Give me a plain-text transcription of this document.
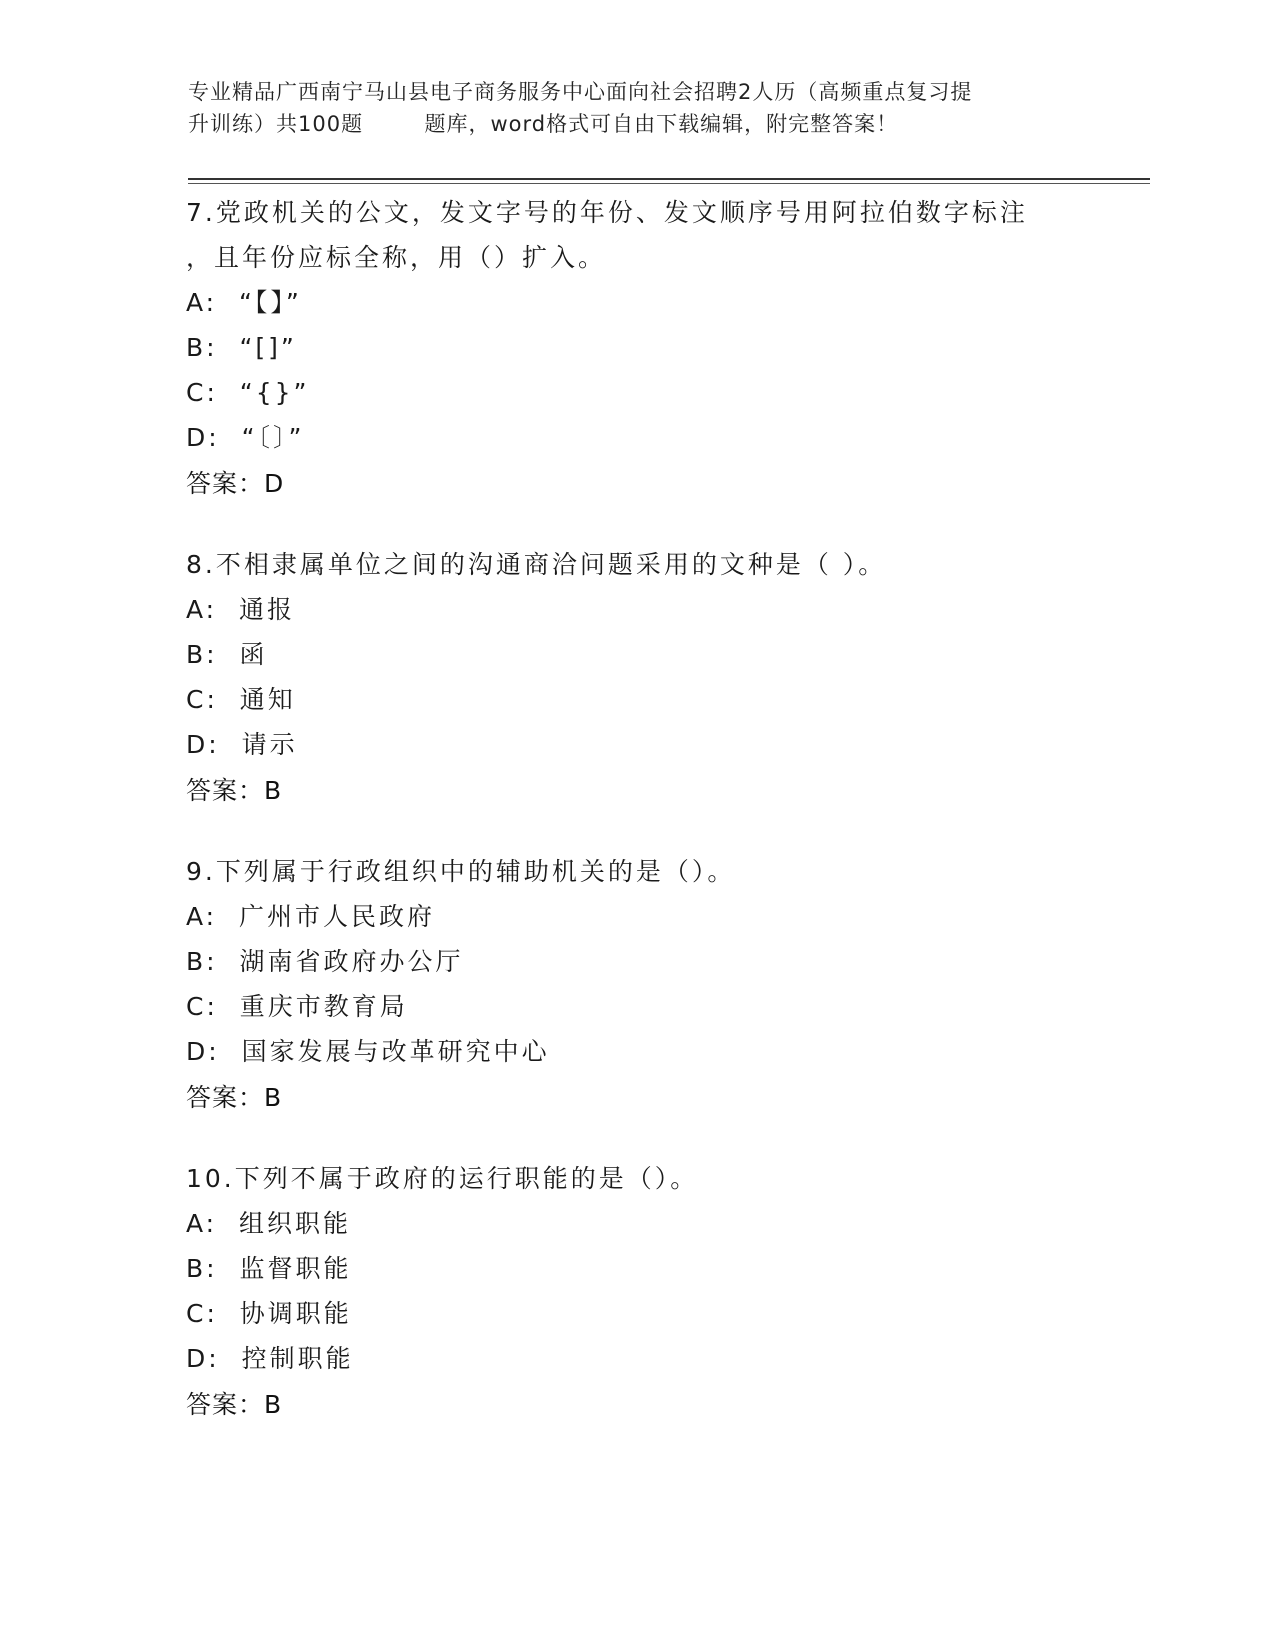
专业精品广西南宁马山县电子商务服务中心面向社会招聘2人历（高频重点复习提
升训练）共100题        题库，word格式可自由下载编辑，附完整答案！
7.党政机关的公文，发文字号的年份、发文顺序号用阿拉伯数字标注
，且年份应标全称，用（）扩入。
A:  “【】”
B:  “[]”
C:  “{}”
D:  “〔〕”
答案：D
8.不相隶属单位之间的沟通商洽问题采用的文种是（ ）。
A:  通报
B:  函
C:  通知
D:  请示
答案：B
9.下列属于行政组织中的辅助机关的是（）。
A:  广州市人民政府
B:  湖南省政府办公厅
C:  重庆市教育局
D:  国家发展与改革研究中心
答案：B
10.下列不属于政府的运行职能的是（）。
A:  组织职能
B:  监督职能
C:  协调职能
D:  控制职能
答案：B
